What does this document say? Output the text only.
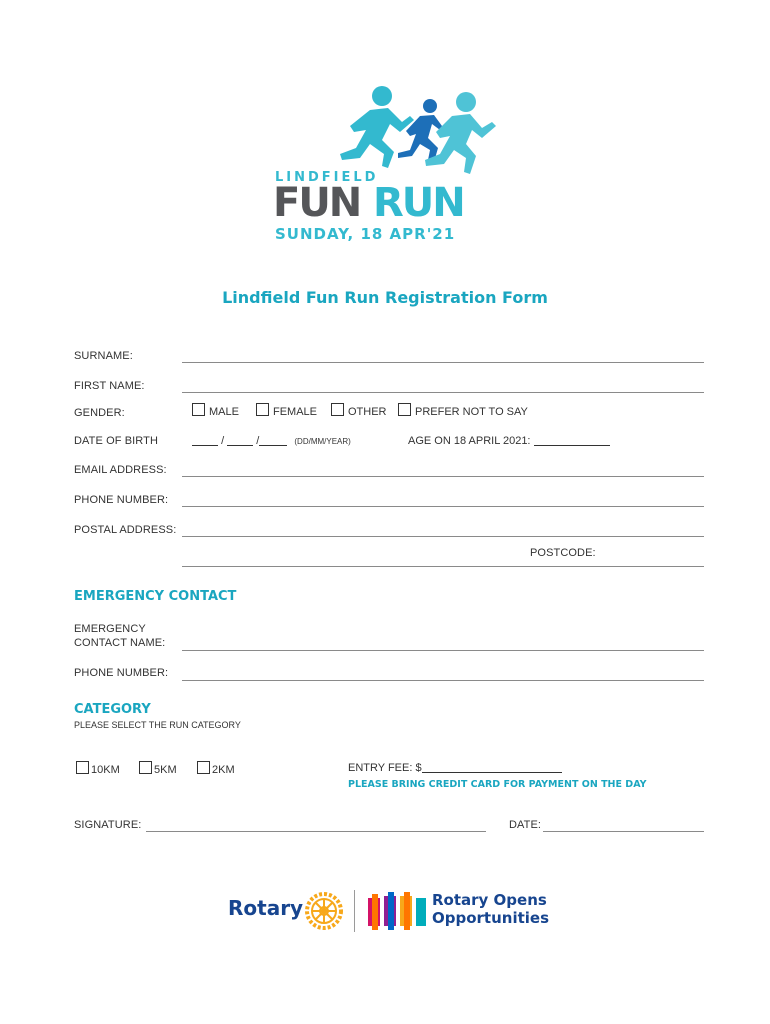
LINDFIELD
FUN RUN
SUNDAY, 18 APR'21
Lindfield Fun Run Registration Form
SURNAME:
FIRST NAME:
GENDER:	MALE	FEMALE	OTHER	PREFER NOT TO SAY
DATE OF BIRTH	/	/	(DD/MM/YEAR)	AGE ON 18 APRIL 2021:
EMAIL ADDRESS:
PHONE NUMBER:
POSTAL ADDRESS:
POSTCODE:
EMERGENCY CONTACT
EMERGENCY
CONTACT NAME:
PHONE NUMBER:
CATEGORY
PLEASE SELECT THE RUN CATEGORY
10KM	5KM	2KM	ENTRY FEE: $
PLEASE BRING CREDIT CARD FOR PAYMENT ON THE DAY
SIGNATURE:	DATE:
Rotary	Rotary Opens
Opportunities
